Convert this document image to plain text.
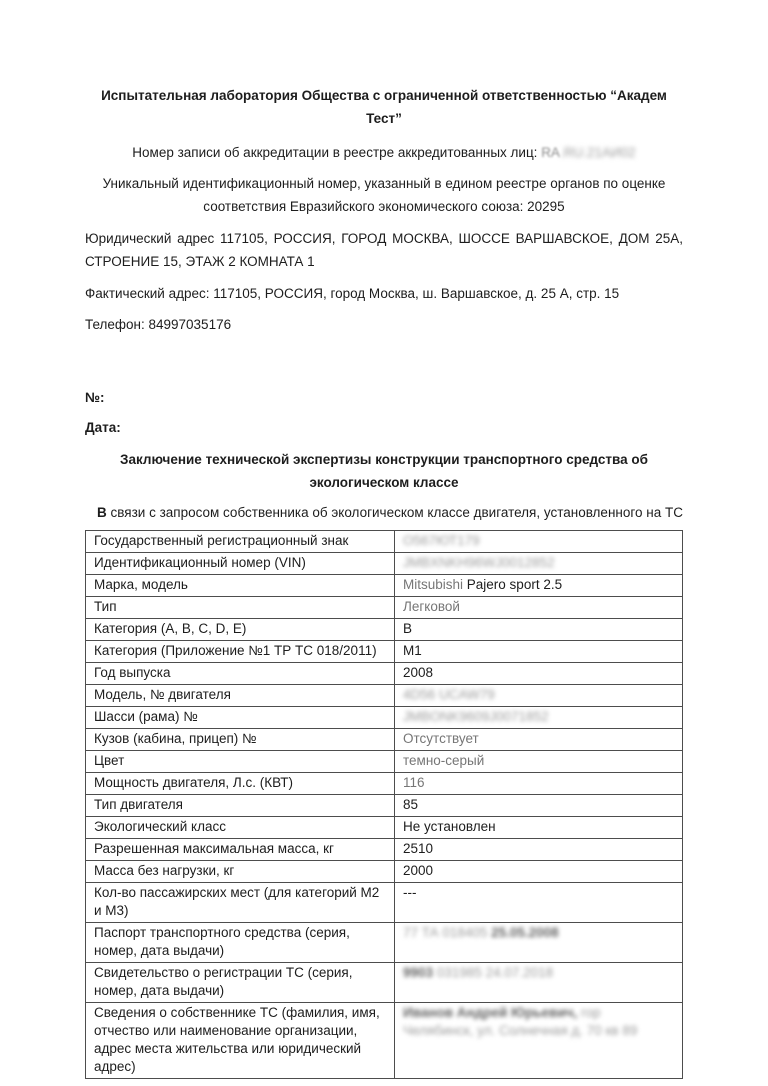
Испытательная лаборатория Общества с ограниченной ответственностью “Академ Тест”

Номер записи об аккредитации в реестре аккредитованных лиц: RA.RU.21АИ02

Уникальный идентификационный номер, указанный в едином реестре органов по оценке соответствия Евразийского экономического союза: 20295

Юридический адрес 117105, РОССИЯ, ГОРОД МОСКВА, ШОССЕ ВАРШАВСКОЕ, ДОМ 25А, СТРОЕНИЕ 15, ЭТАЖ 2 КОМНАТА 1

Фактический адрес: 117105, РОССИЯ, город Москва, ш. Варшавское, д. 25 А, стр. 15

Телефон: 84997035176

№:

Дата:

Заключение технической экспертизы конструкции транспортного средства об экологическом классе

В связи с запросом собственника об экологическом классе двигателя, установленного на ТС

Государственный регистрационный знак	О567ЮТ179
Идентификационный номер (VIN)	JMBXNKH96WJ0012852
Марка, модель	Mitsubishi Pajero sport 2.5
Тип	Легковой
Категория (А, В, С, D, Е)	В
Категория (Приложение №1 ТР ТС 018/2011)	М1
Год выпуска	2008
Модель, № двигателя	4D56 UCAW79
Шасси (рама) №	JMBONK9609J0071852
Кузов (кабина, прицеп) №	Отсутствует
Цвет	темно-серый
Мощность двигателя, Л.с. (КВТ)	116
Тип двигателя	85
Экологический класс	Не установлен
Разрешенная максимальная масса, кг	2510
Масса без нагрузки, кг	2000
Кол-во пассажирских мест (для категорий М2 и М3)	---
Паспорт транспортного средства (серия, номер, дата выдачи)	77 ТА 018405 25.05.2008
Свидетельство о регистрации ТС (серия, номер, дата выдачи)	9903 031985 24.07.2018
Сведения о собственнике ТС (фамилия, имя, отчество или наименование организации, адрес места жительства или юридический адрес)	Иванов Андрей Юрьевич, гор Челябинск, ул. Солнечная д. 70 кв 89
